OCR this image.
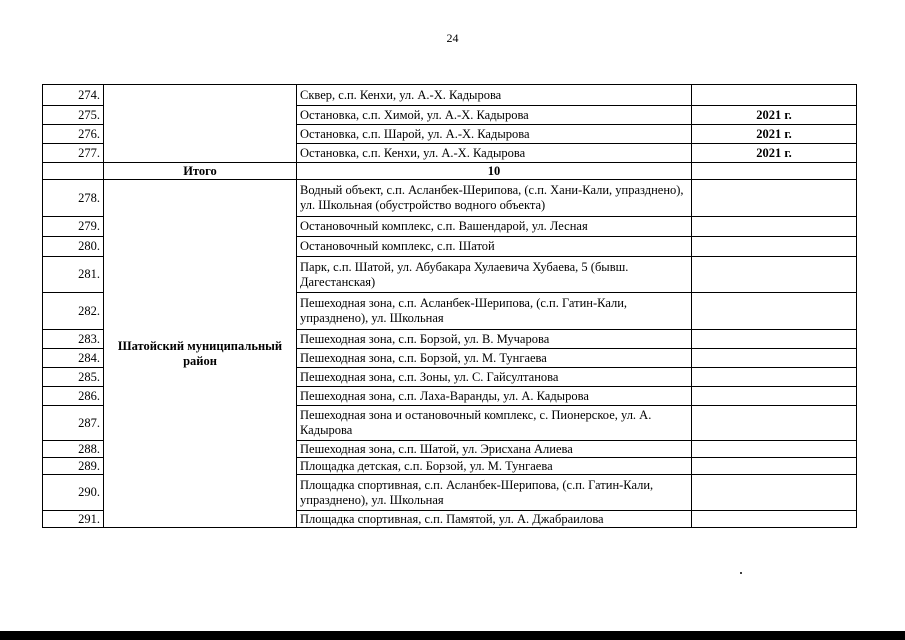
24
274.		Сквер, с.п. Кенхи, ул. А.-Х. Кадырова	
275.		Остановка, с.п. Химой, ул. А.-Х. Кадырова	2021 г.
276.		Остановка, с.п. Шарой, ул. А.-Х. Кадырова	2021 г.
277.		Остановка, с.п. Кенхи, ул. А.-Х. Кадырова	2021 г.
	Итого	10	
278.	Шатойский муниципальный район	Водный объект, с.п. Асланбек-Шерипова, (с.п. Хани-Кали, упразднено), ул. Школьная (обустройство водного объекта)	
279.		Остановочный комплекс, с.п. Вашендарой, ул. Лесная	
280.		Остановочный комплекс, с.п. Шатой	
281.		Парк, с.п. Шатой, ул. Абубакара Хулаевича Хубаева, 5 (бывш. Дагестанская)	
282.		Пешеходная зона, с.п. Асланбек-Шерипова, (с.п. Гатин-Кали, упразднено), ул. Школьная	
283.		Пешеходная зона, с.п. Борзой, ул. В. Мучарова	
284.		Пешеходная зона, с.п. Борзой, ул. М. Тунгаева	
285.		Пешеходная зона, с.п. Зоны, ул. С. Гайсултанова	
286.		Пешеходная зона, с.п. Лаха-Варанды, ул. А. Кадырова	
287.		Пешеходная зона и остановочный комплекс, с. Пионерское, ул. А. Кадырова	
288.		Пешеходная зона, с.п. Шатой, ул. Эрисхана Алиева	
289.		Площадка детская, с.п. Борзой, ул. М. Тунгаева	
290.		Площадка спортивная, с.п. Асланбек-Шерипова, (с.п. Гатин-Кали, упразднено), ул. Школьная	
291.		Площадка спортивная, с.п. Памятой, ул. А. Джабраилова	
